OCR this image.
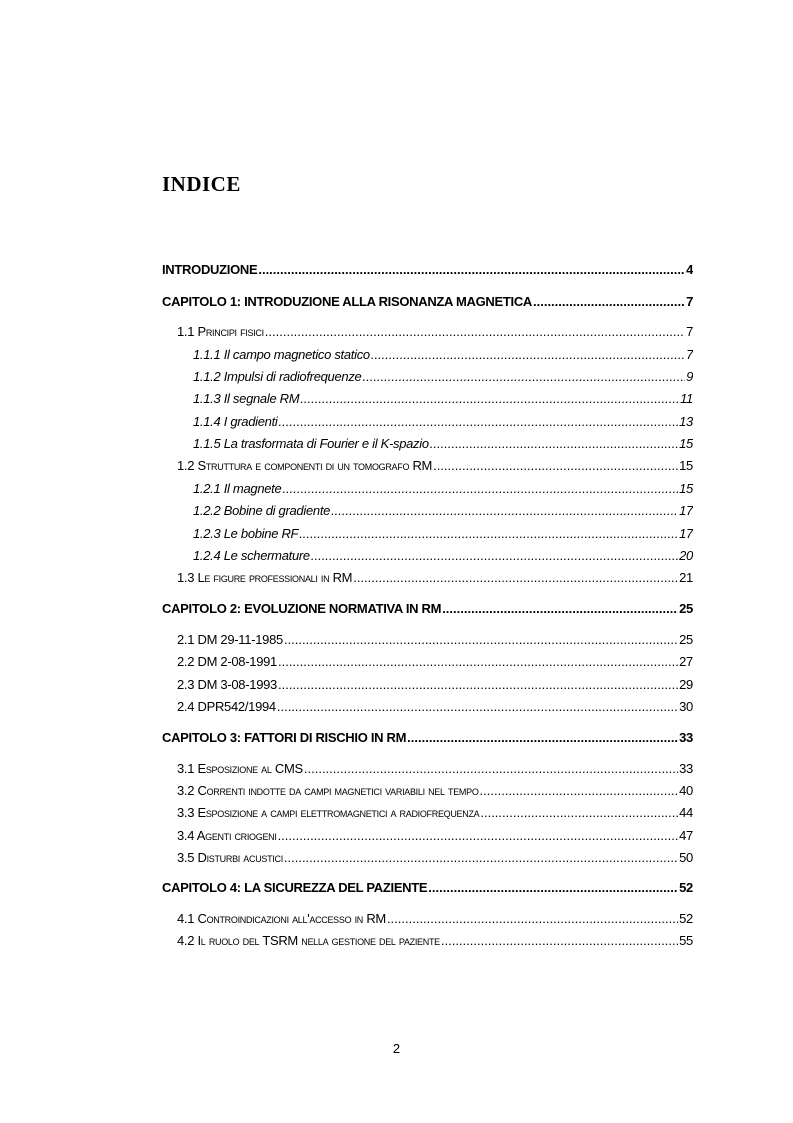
INDICE
INTRODUZIONE .....	4
CAPITOLO 1: INTRODUZIONE ALLA RISONANZA MAGNETICA .....	7
1.1 Principi fisici .....	7
1.1.1 Il campo magnetico statico .....	7
1.1.2 Impulsi di radiofrequenze .....	9
1.1.3 Il segnale RM .....	11
1.1.4 I gradienti .....	13
1.1.5 La trasformata di Fourier e il K-spazio .....	15
1.2 Struttura e componenti di un tomografo RM .....	15
1.2.1 Il magnete .....	15
1.2.2 Bobine di gradiente .....	17
1.2.3 Le bobine RF .....	17
1.2.4 Le schermature .....	20
1.3 Le figure professionali in RM .....	21
CAPITOLO 2: EVOLUZIONE NORMATIVA IN RM .....	25
2.1 DM 29-11-1985 .....	25
2.2 DM 2-08-1991 .....	27
2.3 DM 3-08-1993 .....	29
2.4 DPR542/1994 .....	30
CAPITOLO 3: FATTORI DI RISCHIO IN RM .....	33
3.1 Esposizione al CMS .....	33
3.2 Correnti indotte da campi magnetici variabili nel tempo .....	40
3.3 Esposizione a campi elettromagnetici a radiofrequenza .....	44
3.4 Agenti criogeni .....	47
3.5 Disturbi acustici .....	50
CAPITOLO 4: LA SICUREZZA DEL PAZIENTE .....	52
4.1 Controindicazioni all'accesso in RM .....	52
4.2 Il ruolo del TSRM nella gestione del paziente .....	55
2
